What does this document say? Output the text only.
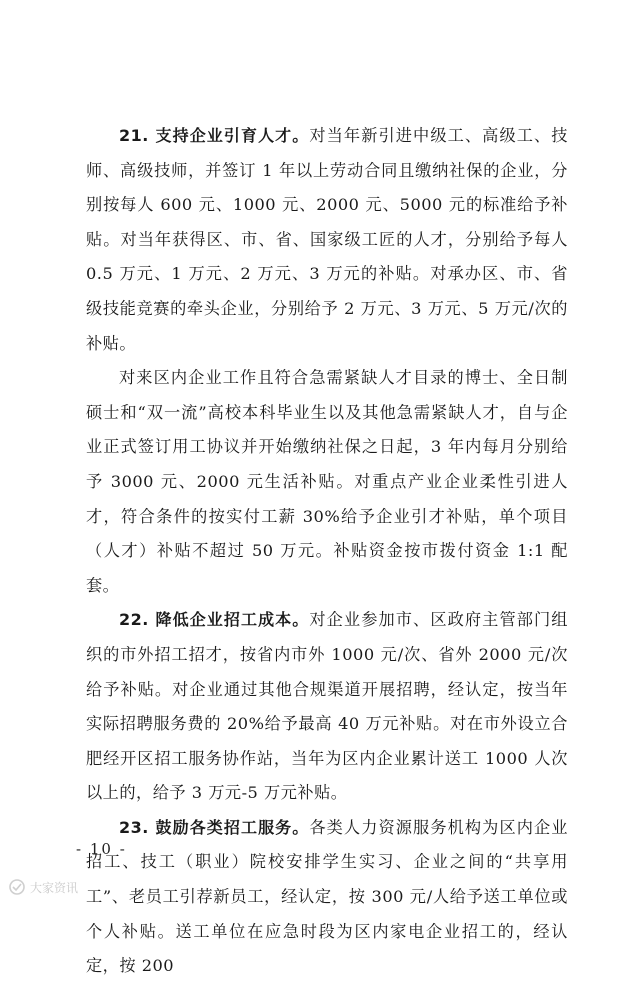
21. 支持企业引育人才。对当年新引进中级工、高级工、技师、高级技师，并签订 1 年以上劳动合同且缴纳社保的企业，分别按每人 600 元、1000 元、2000 元、5000 元的标准给予补贴。对当年获得区、市、省、国家级工匠的人才，分别给予每人 0.5 万元、1 万元、2 万元、3 万元的补贴。对承办区、市、省级技能竞赛的牵头企业，分别给予 2 万元、3 万元、5 万元/次的补贴。

对来区内企业工作且符合急需紧缺人才目录的博士、全日制硕士和“双一流”高校本科毕业生以及其他急需紧缺人才，自与企业正式签订用工协议并开始缴纳社保之日起，3 年内每月分别给予 3000 元、2000 元生活补贴。对重点产业企业柔性引进人才，符合条件的按实付工薪 30%给予企业引才补贴，单个项目（人才）补贴不超过 50 万元。补贴资金按市拨付资金 1:1 配套。

22. 降低企业招工成本。对企业参加市、区政府主管部门组织的市外招工招才，按省内市外 1000 元/次、省外 2000 元/次给予补贴。对企业通过其他合规渠道开展招聘，经认定，按当年实际招聘服务费的 20%给予最高 40 万元补贴。对在市外设立合肥经开区招工服务协作站，当年为区内企业累计送工 1000 人次以上的，给予 3 万元-5 万元补贴。

23. 鼓励各类招工服务。各类人力资源服务机构为区内企业招工、技工（职业）院校安排学生实习、企业之间的“共享用工”、老员工引荐新员工，经认定，按 300 元/人给予送工单位或个人补贴。送工单位在应急时段为区内家电企业招工的，经认定，按 200

- 10 -
大家资讯
